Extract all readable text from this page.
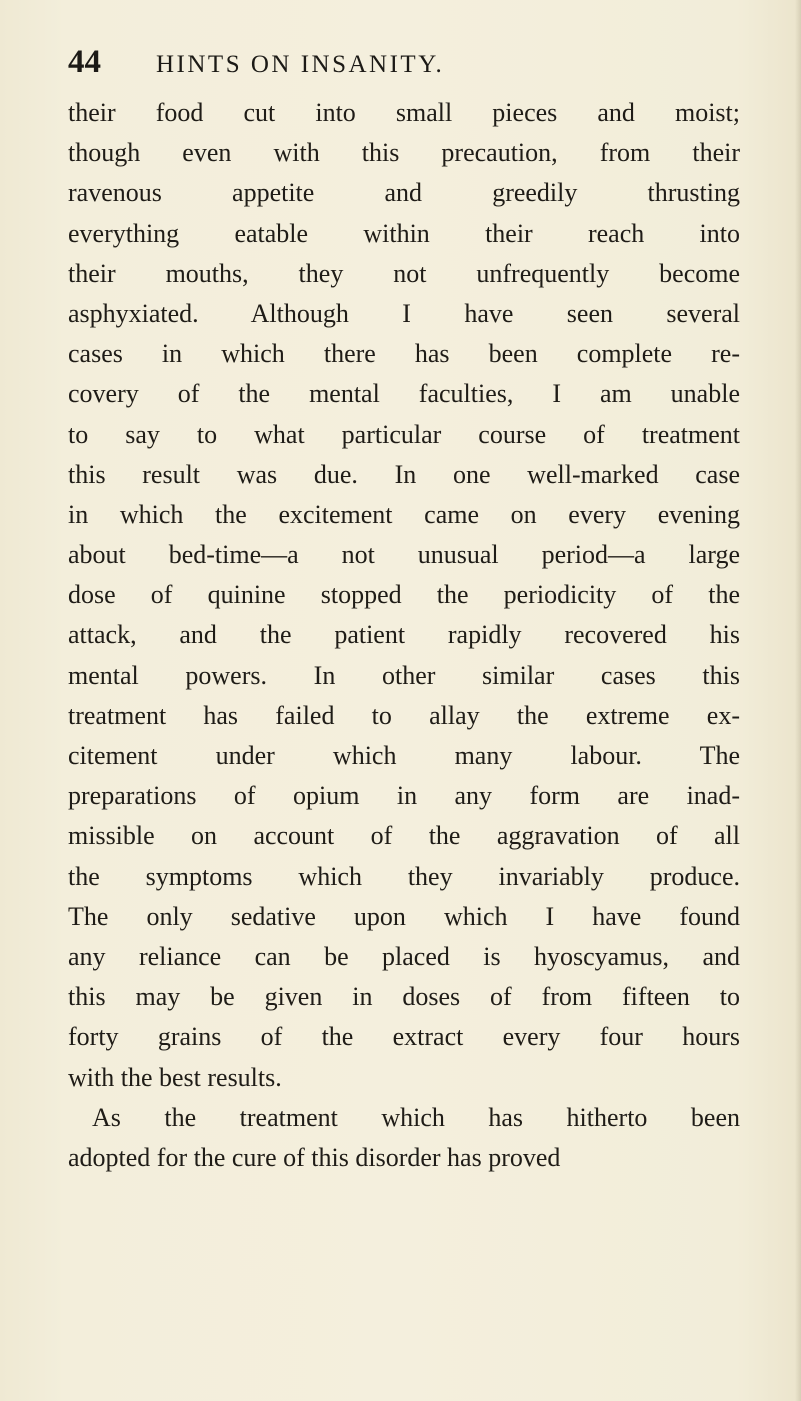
44 HINTS ON INSANITY.
their food cut into small pieces and moist;
though even with this precaution, from their
ravenous appetite and greedily thrusting
everything eatable within their reach into
their mouths, they not unfrequently become
asphyxiated. Although I have seen several
cases in which there has been complete re-
covery of the mental faculties, I am unable
to say to what particular course of treatment
this result was due. In one well-marked case
in which the excitement came on every evening
about bed-time—a not unusual period—a large
dose of quinine stopped the periodicity of the
attack, and the patient rapidly recovered his
mental powers. In other similar cases this
treatment has failed to allay the extreme ex-
citement under which many labour. The
preparations of opium in any form are inad-
missible on account of the aggravation of all
the symptoms which they invariably produce.
The only sedative upon which I have found
any reliance can be placed is hyoscyamus, and
this may be given in doses of from fifteen to
forty grains of the extract every four hours
with the best results.
As the treatment which has hitherto been
adopted for the cure of this disorder has proved
